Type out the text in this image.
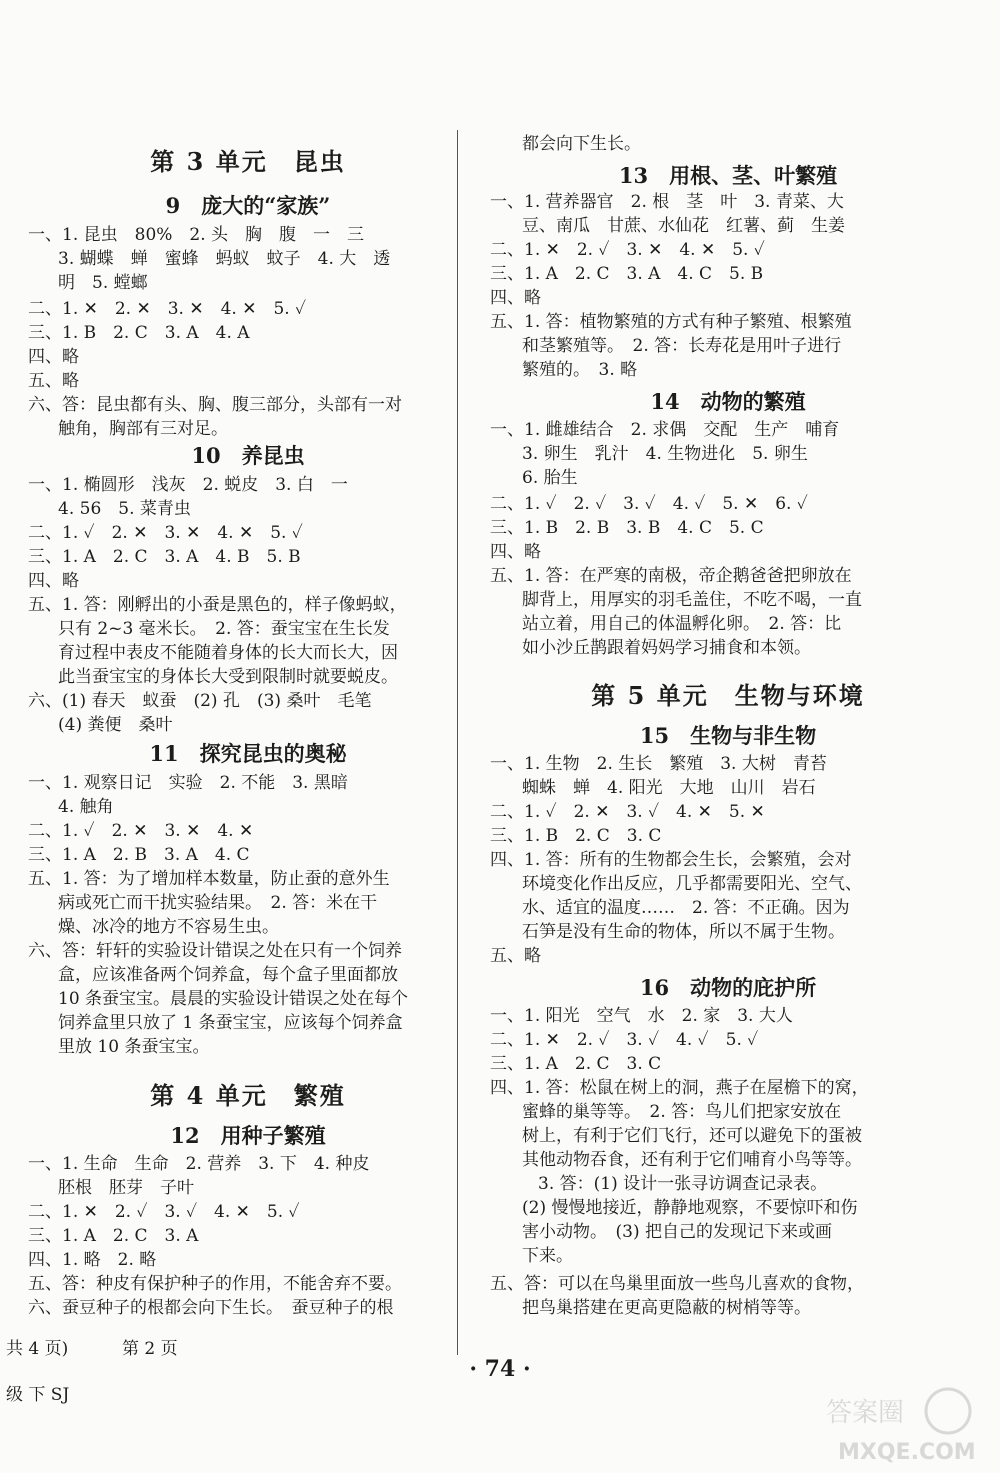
第 3 单元　昆虫
9　庞大的“家族”
一、1. 昆虫　80%　2. 头　胸　腹　一　三
3. 蝴蝶　蝉　蜜蜂　蚂蚁　蚊子　4. 大　透
明　5. 螳螂
二、1. ✕　2. ✕　3. ✕　4. ✕　5. ✓
三、1. B　2. C　3. A　4. A
四、略
五、略
六、答：昆虫都有头、胸、腹三部分，头部有一对
触角，胸部有三对足。
10　养昆虫
一、1. 椭圆形　浅灰　2. 蜕皮　3. 白　一
4. 56　5. 菜青虫
二、1. ✓　2. ✕　3. ✕　4. ✕　5. ✓
三、1. A　2. C　3. A　4. B　5. B
四、略
五、1. 答：刚孵出的小蚕是黑色的，样子像蚂蚁，
只有 2~3 毫米长。　2. 答：蚕宝宝在生长发
育过程中表皮不能随着身体的长大而长大，因
此当蚕宝宝的身体长大受到限制时就要蜕皮。
六、(1) 春天　蚁蚕　(2) 孔　(3) 桑叶　毛笔
(4) 粪便　桑叶
11　探究昆虫的奥秘
一、1. 观察日记　实验　2. 不能　3. 黑暗
4. 触角
二、1. ✓　2. ✕　3. ✕　4. ✕
三、1. A　2. B　3. A　4. C
五、1. 答：为了增加样本数量，防止蚕的意外生
病或死亡而干扰实验结果。　2. 答：米在干
燥、冰冷的地方不容易生虫。
六、答：轩轩的实验设计错误之处在只有一个饲养
盒，应该准备两个饲养盒，每个盒子里面都放
10 条蚕宝宝。晨晨的实验设计错误之处在每个
饲养盒里只放了 1 条蚕宝宝，应该每个饲养盒
里放 10 条蚕宝宝。
第 4 单元　繁殖
12　用种子繁殖
一、1. 生命　生命　2. 营养　3. 下　4. 种皮
胚根　胚芽　子叶
二、1. ✕　2. ✓　3. ✓　4. ✕　5. ✓
三、1. A　2. C　3. A
四、1. 略　2. 略
五、答：种皮有保护种子的作用，不能舍弃不要。
六、蚕豆种子的根都会向下生长。　蚕豆种子的根
都会向下生长。
13　用根、茎、叶繁殖
一、1. 营养器官　2. 根　茎　叶　3. 青菜、大
豆、南瓜　甘蔗、水仙花　红薯、蓟　生姜
二、1. ✕　2. ✓　3. ✕　4. ✕　5. ✓
三、1. A　2. C　3. A　4. C　5. B
四、略
五、1. 答：植物繁殖的方式有种子繁殖、根繁殖
和茎繁殖等。　2. 答：长寿花是用叶子进行
繁殖的。　3. 略
14　动物的繁殖
一、1. 雌雄结合　2. 求偶　交配　生产　哺育
3. 卵生　乳汁　4. 生物进化　5. 卵生
6. 胎生
二、1. ✓　2. ✓　3. ✓　4. ✓　5. ✕　6. ✓
三、1. B　2. B　3. B　4. C　5. C
四、略
五、1. 答：在严寒的南极，帝企鹅爸爸把卵放在
脚背上，用厚实的羽毛盖住，不吃不喝，一直
站立着，用自己的体温孵化卵。　2. 答：比
如小沙丘鹊跟着妈妈学习捕食和本领。
第 5 单元　生物与环境
15　生物与非生物
一、1. 生物　2. 生长　繁殖　3. 大树　青苔
蜘蛛　蝉　4. 阳光　大地　山川　岩石
二、1. ✓　2. ✕　3. ✓　4. ✕　5. ✕
三、1. B　2. C　3. C
四、1. 答：所有的生物都会生长，会繁殖，会对
环境变化作出反应，几乎都需要阳光、空气、
水、适宜的温度……　2. 答：不正确。因为
石笋是没有生命的物体，所以不属于生物。
五、略
16　动物的庇护所
一、1. 阳光　空气　水　2. 家　3. 大人
二、1. ✕　2. ✓　3. ✓　4. ✓　5. ✓
三、1. A　2. C　3. C
四、1. 答：松鼠在树上的洞，燕子在屋檐下的窝，
蜜蜂的巢等等。　2. 答：鸟儿们把家安放在
树上，有利于它们飞行，还可以避免下的蛋被
其他动物吞食，还有利于它们哺育小鸟等等。
3. 答：(1) 设计一张寻访调查记录表。
(2) 慢慢地接近，静静地观察，不要惊吓和伤
害小动物。　(3) 把自己的发现记下来或画
下来。
五、答：可以在鸟巢里面放一些鸟儿喜欢的食物，
把鸟巢搭建在更高更隐蔽的树梢等等。
共 4 页)	第 2 页
级 下 SJ
· 74 ·
答案圈
MXQE.COM
